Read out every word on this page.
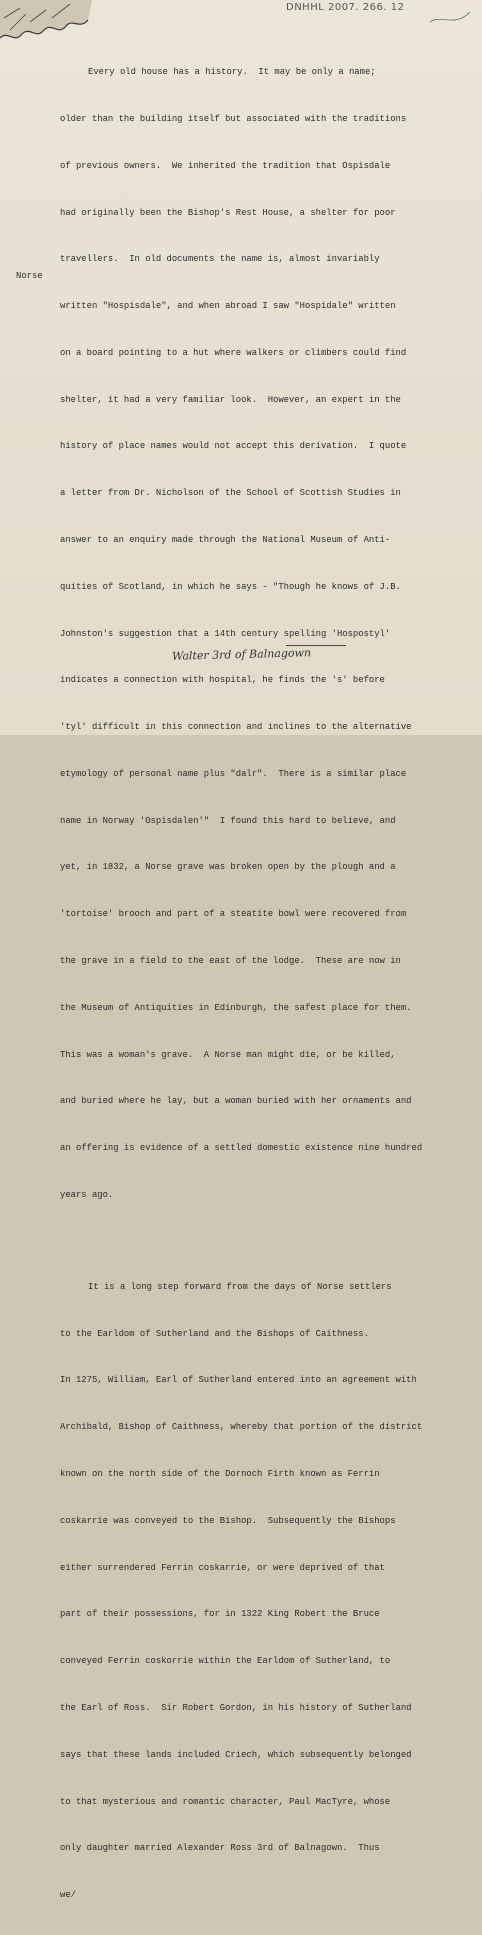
DNHHL 2007. 266. 12
Norse

Every old house has a history.  It may be only a name;

older than the building itself but associated with the traditions

of previous owners.  We inherited the tradition that Ospisdale

had originally been the Bishop's Rest House, a shelter for poor

travellers.  In old documents the name is, almost invariably

written "Hospisdale", and when abroad I saw "Hospidale" written

on a board pointing to a hut where walkers or climbers could find

shelter, it had a very familiar look.  However, an expert in the

history of place names would not accept this derivation.  I quote

a letter from Dr. Nicholson of the School of Scottish Studies in

answer to an enquiry made through the National Museum of Anti-

quities of Scotland, in which he says - "Though he knows of J.B.

Johnston's suggestion that a 14th century spelling 'Hospostyl'

indicates a connection with hospital, he finds the 's' before

'tyl' difficult in this connection and inclines to the alternative

etymology of personal name plus "dalr".  There is a similar place

name in Norway 'Ospisdalen'"  I found this hard to believe, and

yet, in 1832, a Norse grave was broken open by the plough and a

'tortoise' brooch and part of a steatite bowl were recovered from

the grave in a field to the east of the lodge.  These are now in

the Museum of Antiquities in Edinburgh, the safest place for them.

This was a woman's grave.  A Norse man might die, or be killed,

and buried where he lay, but a woman buried with her ornaments and

an offering is evidence of a settled domestic existence nine hundred

years ago.

It is a long step forward from the days of Norse settlers

to the Earldom of Sutherland and the Bishops of Caithness.

In 1275, William, Earl of Sutherland entered into an agreement with

Archibald, Bishop of Caithness, whereby that portion of the district

known on the north side of the Dornoch Firth known as Ferrin

coskarrie was conveyed to the Bishop.  Subsequently the Bishops

either surrendered Ferrin coskarrie, or were deprived of that

part of their possessions, for in 1322 King Robert the Bruce

conveyed Ferrin coskorrie within the Earldom of Sutherland, to

the Earl of Ross.  Sir Robert Gordon, in his history of Sutherland

says that these lands included Criech, which subsequently belonged

to that mysterious and romantic character, Paul MacTyre, whose

only daughter married Alexander Ross 3rd of Balnagown.  Thus

we/

Walter 3rd of Balnagown
